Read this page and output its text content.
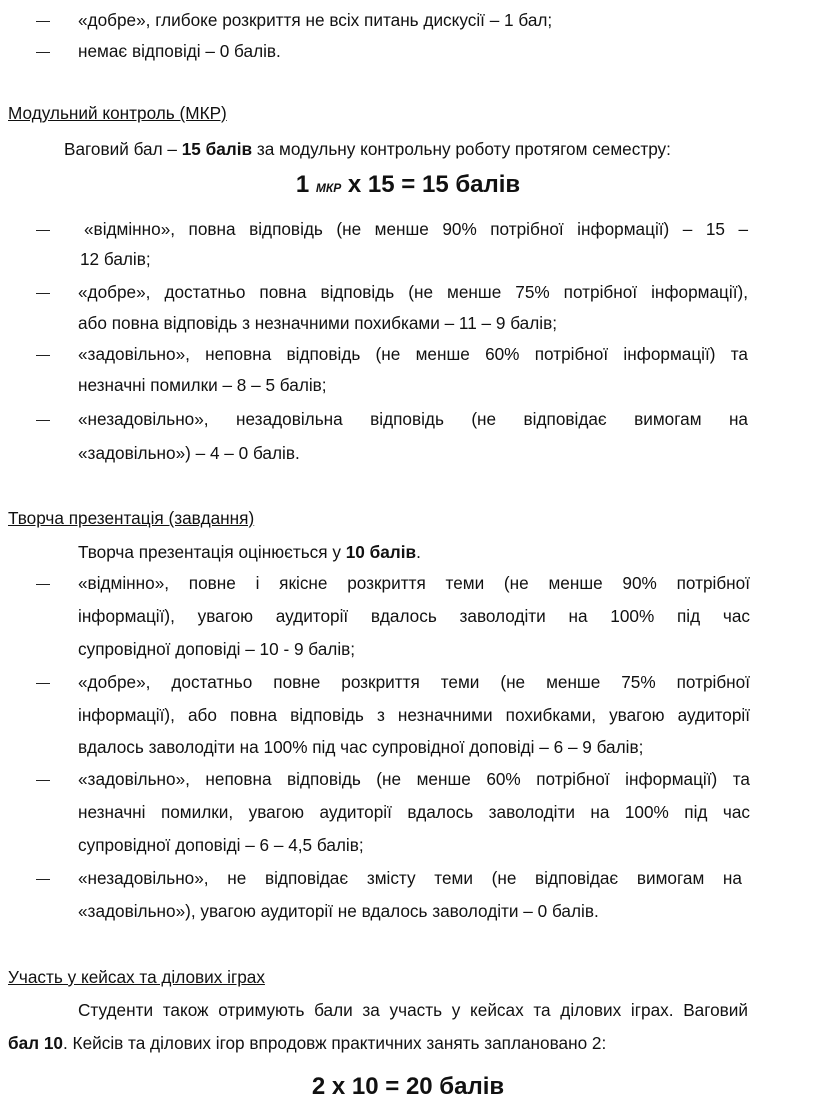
«добре», глибоке розкриття не всіх питань дискусії – 1 бал;
немає відповіді – 0 балів.
Модульний контроль (МКР)
Ваговий бал – 15 балів за модульну контрольну роботу протягом семестру:
1 МКР х 15 = 15 балів
«відмінно», повна відповідь (не менше 90% потрібної інформації) – 15 –
12 балів;
«добре», достатньо повна відповідь (не менше 75% потрібної інформації),
або повна відповідь з незначними похибками – 11 – 9 балів;
«задовільно», неповна відповідь (не менше 60% потрібної інформації) та
незначні помилки – 8 – 5 балів;
«незадовільно», незадовільна відповідь (не відповідає вимогам на
«задовільно») – 4 – 0 балів.
Творча презентація (завдання)
Творча презентація оцінюється у 10 балів.
«відмінно», повне і якісне розкриття теми (не менше 90% потрібної
інформації), увагою аудиторії вдалось заволодіти на 100% під час
супровідної доповіді – 10 - 9 балів;
«добре», достатньо повне розкриття теми (не менше 75% потрібної
інформації), або повна відповідь з незначними похибками, увагою аудиторії
вдалось заволодіти на 100% під час супровідної доповіді – 6 – 9 балів;
«задовільно», неповна відповідь (не менше 60% потрібної інформації) та
незначні помилки, увагою аудиторії вдалось заволодіти на 100% під час
супровідної доповіді – 6 – 4,5 балів;
«незадовільно», не відповідає змісту теми (не відповідає вимогам на
«задовільно»), увагою аудиторії не вдалось заволодіти – 0 балів.
Участь у кейсах та ділових іграх
Студенти також отримують бали за участь у кейсах та ділових іграх. Ваговий
бал 10. Кейсів та ділових ігор впродовж практичних занять заплановано 2:
2 х 10 = 20 балів
